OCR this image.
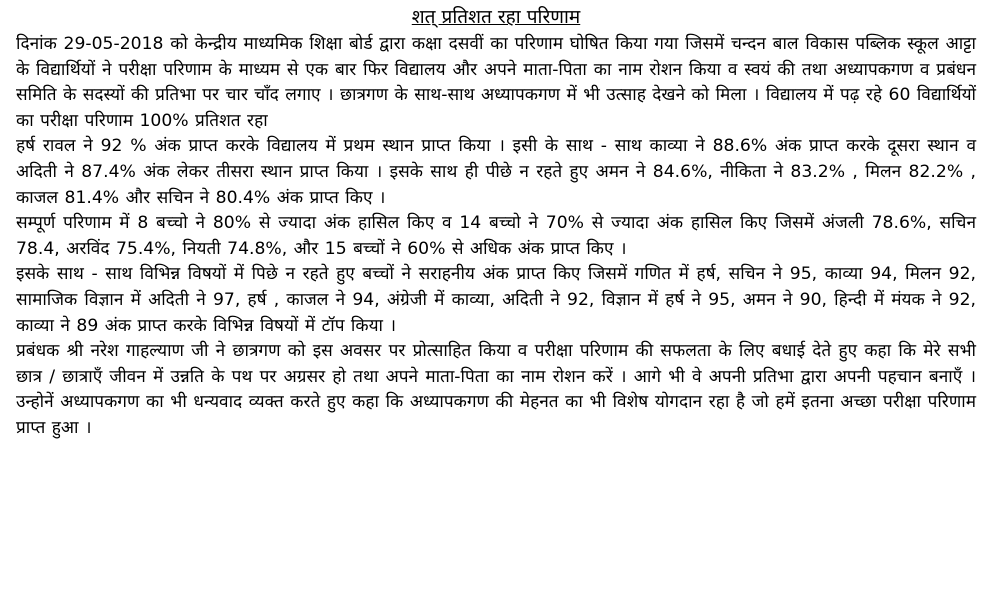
शत् प्रतिशत रहा परिणाम

दिनांक 29-05-2018 को केन्द्रीय माध्यमिक शिक्षा बोर्ड द्वारा कक्षा दसवीं का परिणाम घोषित किया गया जिसमें चन्दन बाल विकास पब्लिक स्कूल आट्टा के विद्यार्थियों ने परीक्षा परिणाम के माध्यम से एक बार फिर विद्यालय और अपने माता-पिता का नाम रोशन किया व स्वयं की तथा अध्यापकगण व प्रबंधन समिति के सदस्यों की प्रतिभा पर चार चाँद लगाए । छात्रगण के साथ-साथ अध्यापकगण में भी उत्साह देखने को मिला । विद्यालय में पढ़ रहे 60 विद्यार्थियों का परीक्षा परिणाम 100% प्रतिशत रहा

हर्ष रावल ने 92 % अंक प्राप्त करके विद्यालय में प्रथम स्थान प्राप्त किया । इसी के साथ - साथ काव्या ने 88.6% अंक प्राप्त करके दूसरा स्थान व अदिती ने 87.4% अंक लेकर तीसरा स्थान प्राप्त किया । इसके साथ ही पीछे न रहते हुए अमन ने 84.6%, नीकिता ने 83.2% , मिलन 82.2% , काजल 81.4% और सचिन ने 80.4% अंक प्राप्त किए ।

सम्पूर्ण परिणाम में 8 बच्चो ने 80% से ज्यादा अंक हासिल किए व 14 बच्चो ने 70% से ज्यादा अंक हासिल किए जिसमें अंजली 78.6%, सचिन 78.4, अरविंद 75.4%, नियती 74.8%, और 15 बच्चों ने 60% से अधिक अंक प्राप्त किए ।

इसके साथ - साथ विभिन्न विषयों में पिछे न रहते हुए बच्चों ने सराहनीय अंक प्राप्त किए जिसमें गणित में हर्ष, सचिन ने 95, काव्या 94, मिलन 92, सामाजिक विज्ञान में अदिती ने 97, हर्ष , काजल ने 94, अंग्रेजी में काव्या, अदिती ने 92, विज्ञान में हर्ष ने 95, अमन ने 90, हिन्दी में मंयक ने 92, काव्या ने 89 अंक प्राप्त करके विभिन्न विषयों में टॉप किया ।

प्रबंधक श्री नरेश गाहल्याण जी ने छात्रगण को इस अवसर पर प्रोत्साहित किया व परीक्षा परिणाम की सफलता के लिए बधाई देते हुए कहा कि मेरे सभी छात्र / छात्राएँ जीवन में उन्नति के पथ पर अग्रसर हो तथा अपने माता-पिता का नाम रोशन करें । आगे भी वे अपनी प्रतिभा द्वारा अपनी पहचान बनाएँ । उन्होनें अध्यापकगण का भी धन्यवाद व्यक्त करते हुए कहा कि अध्यापकगण की मेहनत का भी विशेष योगदान रहा है जो हमें इतना अच्छा परीक्षा परिणाम प्राप्त हुआ ।
